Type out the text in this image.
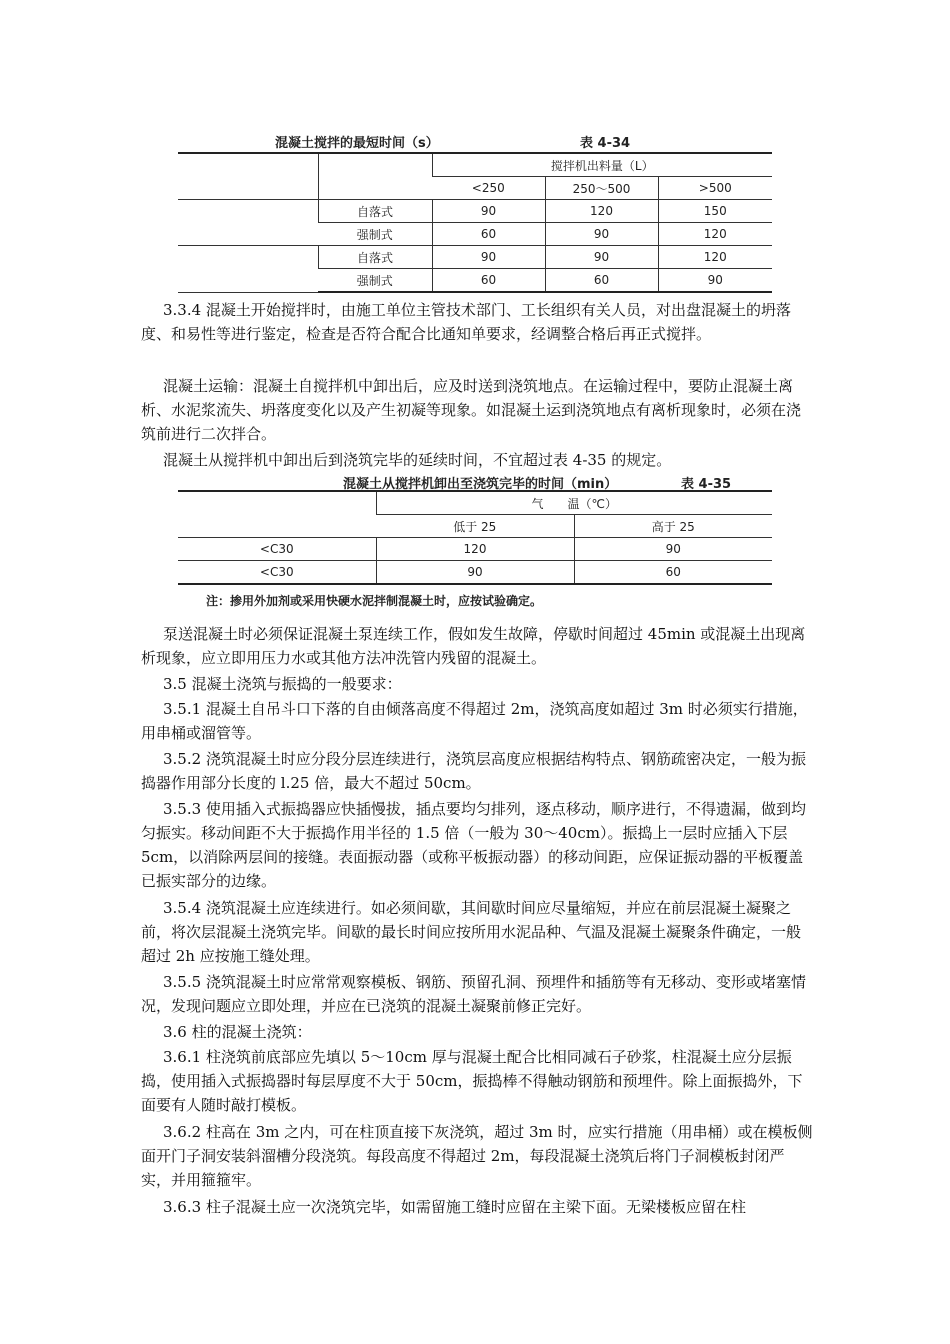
混凝土搅拌的最短时间（s）	表 4-34
		搅拌机出料量（L）		
		<250	250～500	>500
	自落式	90	120	150
	强制式	60	90	120
	自落式	90	90	120
	强制式	60	60	90

3.3.4 混凝土开始搅拌时，由施工单位主管技术部门、工长组织有关人员，对出盘混凝土的坍落度、和易性等进行鉴定，检查是否符合配合比通知单要求，经调整合格后再正式搅拌。

混凝土运输：混凝土自搅拌机中卸出后，应及时送到浇筑地点。在运输过程中，要防止混凝土离析、水泥浆流失、坍落度变化以及产生初凝等现象。如混凝土运到浇筑地点有离析现象时，必须在浇筑前进行二次拌合。

混凝土从搅拌机中卸出后到浇筑完毕的延续时间，不宜超过表 4-35 的规定。

混凝土从搅拌机卸出至浇筑完毕的时间（min）	表 4-35
	气　　温（℃）	
	低于 25	高于 25
<C30	120	90
<C30	90	60
注：掺用外加剂或采用快硬水泥拌制混凝土时，应按试验确定。

泵送混凝土时必须保证混凝土泵连续工作，假如发生故障，停歇时间超过 45min 或混凝土出现离析现象，应立即用压力水或其他方法冲洗管内残留的混凝土。

3.5 混凝土浇筑与振捣的一般要求：

3.5.1 混凝土自吊斗口下落的自由倾落高度不得超过 2m，浇筑高度如超过 3m 时必须实行措施，用串桶或溜管等。

3.5.2 浇筑混凝土时应分段分层连续进行，浇筑层高度应根据结构特点、钢筋疏密决定，一般为振捣器作用部分长度的 l.25 倍，最大不超过 50cm。

3.5.3 使用插入式振捣器应快插慢拔，插点要均匀排列，逐点移动，顺序进行，不得遗漏，做到均匀振实。移动间距不大于振捣作用半径的 1.5 倍（一般为 30～40cm）。振捣上一层时应插入下层 5cm，以消除两层间的接缝。表面振动器（或称平板振动器）的移动间距，应保证振动器的平板覆盖已振实部分的边缘。

3.5.4 浇筑混凝土应连续进行。如必须间歇，其间歇时间应尽量缩短，并应在前层混凝土凝聚之前，将次层混凝土浇筑完毕。间歇的最长时间应按所用水泥品种、气温及混凝土凝聚条件确定，一般超过 2h 应按施工缝处理。

3.5.5 浇筑混凝土时应常常观察模板、钢筋、预留孔洞、预埋件和插筋等有无移动、变形或堵塞情况，发现问题应立即处理，并应在已浇筑的混凝土凝聚前修正完好。

3.6 柱的混凝土浇筑：

3.6.1 柱浇筑前底部应先填以 5～10cm 厚与混凝土配合比相同减石子砂浆，柱混凝土应分层振捣，使用插入式振捣器时每层厚度不大于 50cm，振捣棒不得触动钢筋和预埋件。除上面振捣外，下面要有人随时敲打模板。

3.6.2 柱高在 3m 之内，可在柱顶直接下灰浇筑，超过 3m 时，应实行措施（用串桶）或在模板侧面开门子洞安装斜溜槽分段浇筑。每段高度不得超过 2m，每段混凝土浇筑后将门子洞模板封闭严实，并用箍箍牢。

3.6.3 柱子混凝土应一次浇筑完毕，如需留施工缝时应留在主梁下面。无梁楼板应留在柱
